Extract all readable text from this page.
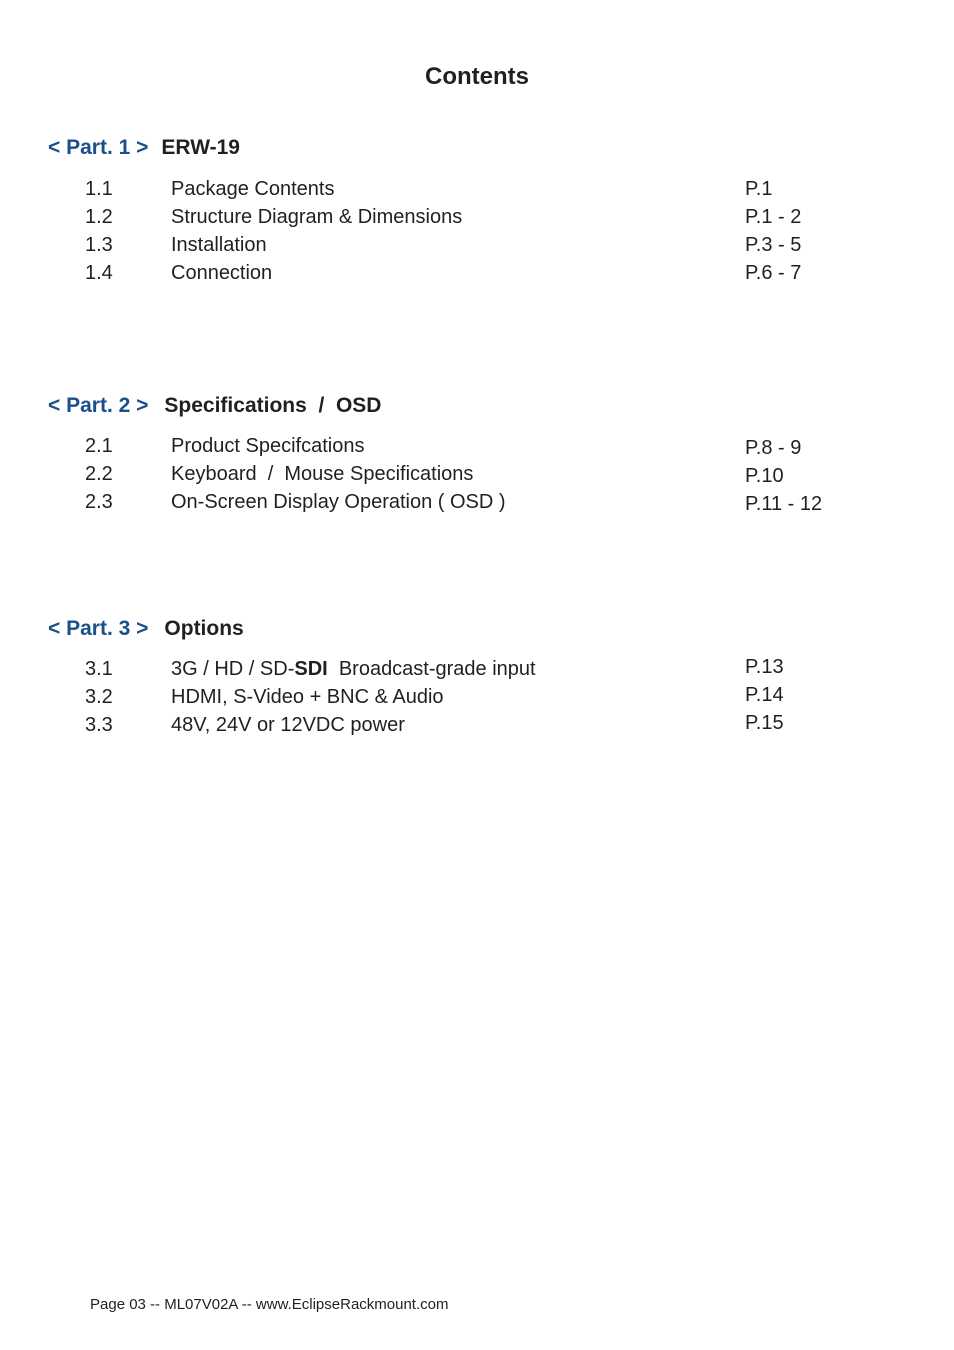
Contents
< Part. 1 > ERW-19
1.1	Package Contents	P.1
1.2	Structure Diagram & Dimensions	P.1 - 2
1.3	Installation	P.3 - 5
1.4	Connection	P.6 - 7
< Part. 2 > Specifications  /  OSD
2.1	Product Specifcations	P.8 - 9
2.2	Keyboard  /  Mouse Specifications	P.10
2.3	On-Screen Display Operation ( OSD )	P.11 - 12
< Part. 3 > Options
3.1	3G / HD / SD-SDI  Broadcast-grade input	P.13
3.2	HDMI, S-Video + BNC & Audio	P.14
3.3	48V, 24V or 12VDC power	P.15
Page 03 -- ML07V02A -- www.EclipseRackmount.com
